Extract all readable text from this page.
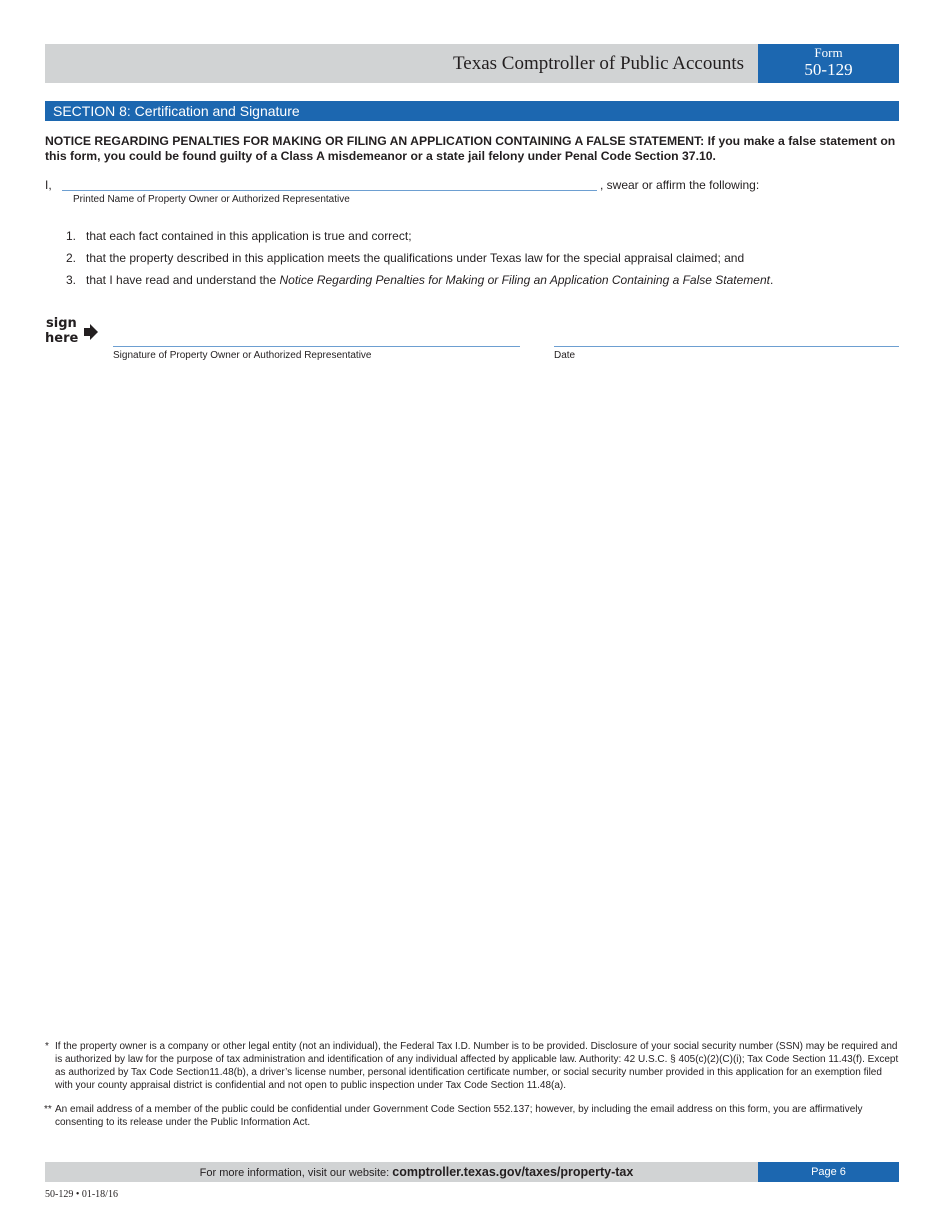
Texas Comptroller of Public Accounts
Form
50-129
SECTION 8: Certification and Signature
NOTICE REGARDING PENALTIES FOR MAKING OR FILING AN APPLICATION CONTAINING A FALSE STATEMENT: If you make a false statement on this form, you could be found guilty of a Class A misdemeanor or a state jail felony under Penal Code Section 37.10.
I,	, swear or affirm the following:
Printed Name of Property Owner or Authorized Representative
1. that each fact contained in this application is true and correct;
2. that the property described in this application meets the qualifications under Texas law for the special appraisal claimed; and
3. that I have read and understand the Notice Regarding Penalties for Making or Filing an Application Containing a False Statement.
sign
here
Signature of Property Owner or Authorized Representative	Date
* If the property owner is a company or other legal entity (not an individual), the Federal Tax I.D. Number is to be provided. Disclosure of your social security number (SSN) may be required and is authorized by law for the purpose of tax administration and identification of any individual affected by applicable law. Authority: 42 U.S.C. § 405(c)(2)(C)(i); Tax Code Section 11.43(f). Except as authorized by Tax Code Section11.48(b), a driver’s license number, personal identification certificate number, or social security number provided in this application for an exemption filed with your county appraisal district is confidential and not open to public inspection under Tax Code Section 11.48(a).
** An email address of a member of the public could be confidential under Government Code Section 552.137; however, by including the email address on this form, you are affirmatively consenting to its release under the Public Information Act.
For more information, visit our website: comptroller.texas.gov/taxes/property-tax	Page 6
50-129 • 01-18/16
